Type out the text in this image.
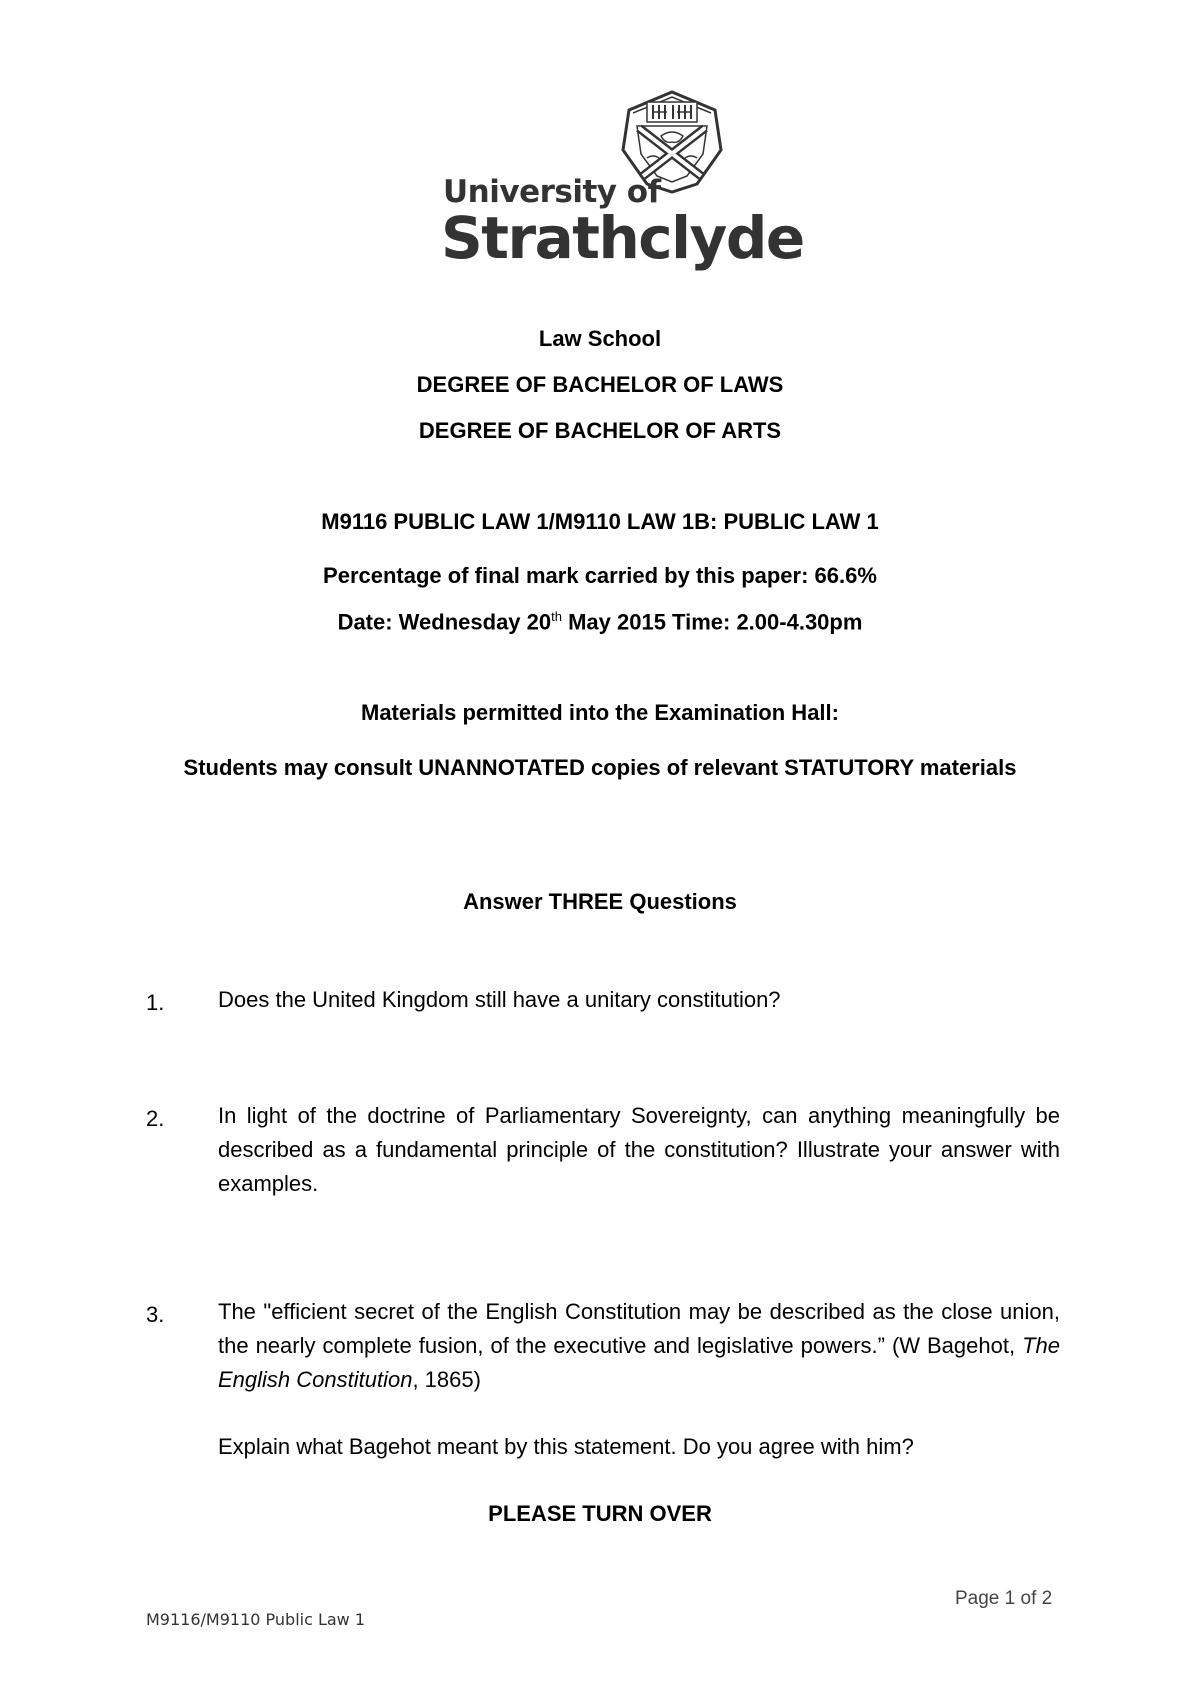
University of
Strathclyde
Law School
DEGREE OF BACHELOR OF LAWS
DEGREE OF BACHELOR OF ARTS
M9116 PUBLIC LAW 1/M9110 LAW 1B: PUBLIC LAW 1
Percentage of final mark carried by this paper: 66.6%
Date: Wednesday 20th May 2015 Time: 2.00-4.30pm
Materials permitted into the Examination Hall:
Students may consult UNANNOTATED copies of relevant STATUTORY materials
Answer THREE Questions
1. Does the United Kingdom still have a unitary constitution?
2. In light of the doctrine of Parliamentary Sovereignty, can anything meaningfully be described as a fundamental principle of the constitution? Illustrate your answer with examples.
3. The "efficient secret of the English Constitution may be described as the close union, the nearly complete fusion, of the executive and legislative powers.” (W Bagehot, The English Constitution, 1865)
Explain what Bagehot meant by this statement. Do you agree with him?
PLEASE TURN OVER
Page 1 of 2
M9116/M9110 Public Law 1
